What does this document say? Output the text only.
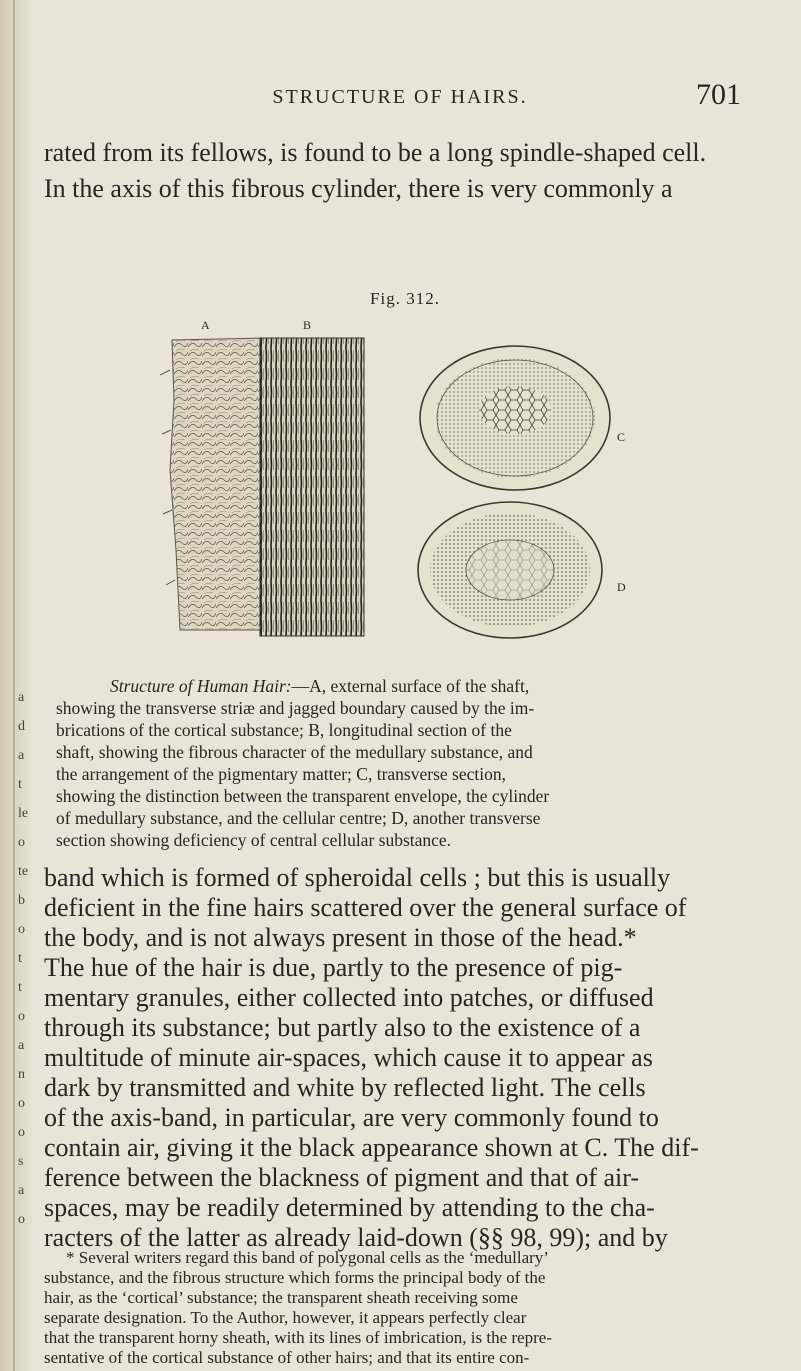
a
d
a
t
le
o
te
b
o
t
t
o
a
n
o
o
s
a
o
STRUCTURE OF HAIRS.	701
rated from its fellows, is found to be a long spindle-shaped cell.
In the axis of this fibrous cylinder, there is very commonly a
Fig. 312.
A	B
C
D
Structure of Human Hair:—A, external surface of the shaft,
showing the transverse striæ and jagged boundary caused by the im-
brications of the cortical substance; B, longitudinal section of the
shaft, showing the fibrous character of the medullary substance, and
the arrangement of the pigmentary matter; C, transverse section,
showing the distinction between the transparent envelope, the cylinder
of medullary substance, and the cellular centre; D, another transverse
section showing deficiency of central cellular substance.
band which is formed of spheroidal cells ; but this is usually
deficient in the fine hairs scattered over the general surface of
the body, and is not always present in those of the head.*
The hue of the hair is due, partly to the presence of pig-
mentary granules, either collected into patches, or diffused
through its substance; but partly also to the existence of a
multitude of minute air-spaces, which cause it to appear as
dark by transmitted and white by reflected light. The cells
of the axis-band, in particular, are very commonly found to
contain air, giving it the black appearance shown at C. The dif-
ference between the blackness of pigment and that of air-
spaces, may be readily determined by attending to the cha-
racters of the latter as already laid-down (§§ 98, 99); and by
* Several writers regard this band of polygonal cells as the ‘medullary’
substance, and the fibrous structure which forms the principal body of the
hair, as the ‘cortical’ substance; the transparent sheath receiving some
separate designation. To the Author, however, it appears perfectly clear
that the transparent horny sheath, with its lines of imbrication, is the repre-
sentative of the cortical substance of other hairs; and that its entire con-
